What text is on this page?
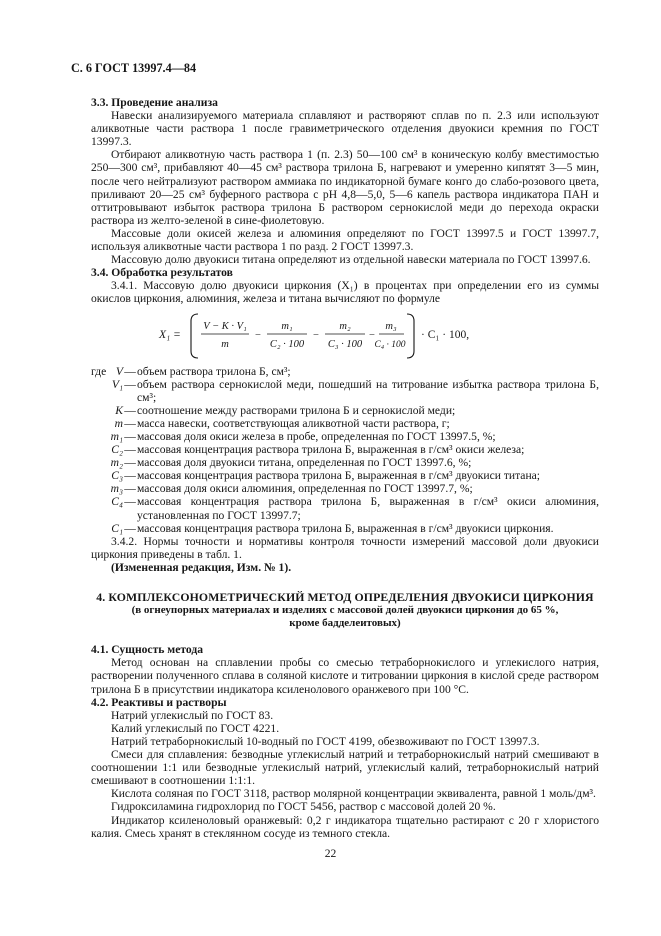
С. 6 ГОСТ 13997.4—84

3.3. Проведение анализа

Навески анализируемого материала сплавляют и растворяют сплав по п. 2.3 или используют аликвотные части раствора 1 после гравиметрического отделения двуокиси кремния по ГОСТ 13997.3.

Отбирают аликвотную часть раствора 1 (п. 2.3) 50—100 см³ в коническую колбу вместимостью 250—300 см³, прибавляют 40—45 см³ раствора трилона Б, нагревают и умеренно кипятят 3—5 мин, после чего нейтрализуют раствором аммиака по индикаторной бумаге конго до слабо-розового цвета, приливают 20—25 см³ буферного раствора с рН 4,8—5,0, 5—6 капель раствора индикатора ПАН и оттитровывают избыток раствора трилона Б раствором сернокислой меди до перехода окраски раствора из желто-зеленой в сине-фиолетовую.

Массовые доли окисей железа и алюминия определяют по ГОСТ 13997.5 и ГОСТ 13997.7, используя аликвотные части раствора 1 по разд. 2 ГОСТ 13997.3.

Массовую долю двуокиси титана определяют из отдельной навески материала по ГОСТ 13997.6.

3.4. Обработка результатов

3.4.1. Массовую долю двуокиси циркония (X₁) в процентах при определении его из суммы окислов циркония, алюминия, железа и титана вычисляют по формуле

X₁ =
V − K · V₁
m
−
m₁
C₂ · 100
−
m₂
C₃ · 100
−
m₃
C₄ · 100
· C₁ · 100,
где V — объем раствора трилона Б, см³;
V₁ — объем раствора сернокислой меди, пошедший на титрование избытка раствора трилона Б, см³;
K — соотношение между растворами трилона Б и сернокислой меди;
m — масса навески, соответствующая аликвотной части раствора, г;
m₁ — массовая доля окиси железа в пробе, определенная по ГОСТ 13997.5, %;
C₂ — массовая концентрация раствора трилона Б, выраженная в г/см³ окиси железа;
m₂ — массовая доля двуокиси титана, определенная по ГОСТ 13997.6, %;
C₃ — массовая концентрация раствора трилона Б, выраженная в г/см³ двуокиси титана;
m₃ — массовая доля окиси алюминия, определенная по ГОСТ 13997.7, %;
C₄ — массовая концентрация раствора трилона Б, выраженная в г/см³ окиси алюминия, установленная по ГОСТ 13997.7;
C₁ — массовая концентрация раствора трилона Б, выраженная в г/см³ двуокиси циркония.

3.4.2. Нормы точности и нормативы контроля точности измерений массовой доли двуокиси циркония приведены в табл. 1.

(Измененная редакция, Изм. № 1).

4. КОМПЛЕКСОНОМЕТРИЧЕСКИЙ МЕТОД ОПРЕДЕЛЕНИЯ ДВУОКИСИ ЦИРКОНИЯ
(в огнеупорных материалах и изделиях с массовой долей двуокиси циркония до 65 %,
кроме бадделеитовых)

4.1. Сущность метода

Метод основан на сплавлении пробы со смесью тетраборнокислого и углекислого натрия, растворении полученного сплава в соляной кислоте и титровании циркония в кислой среде раствором трилона Б в присутствии индикатора ксиленолового оранжевого при 100 °С.

4.2. Реактивы и растворы

Натрий углекислый по ГОСТ 83.

Калий углекислый по ГОСТ 4221.

Натрий тетраборнокислый 10-водный по ГОСТ 4199, обезвоживают по ГОСТ 13997.3.

Смеси для сплавления: безводные углекислый натрий и тетраборнокислый натрий смешивают в соотношении 1:1 или безводные углекислый натрий, углекислый калий, тетраборнокислый натрий смешивают в соотношении 1:1:1.

Кислота соляная по ГОСТ 3118, раствор молярной концентрации эквивалента, равной 1 моль/дм³.

Гидроксиламина гидрохлорид по ГОСТ 5456, раствор с массовой долей 20 %.

Индикатор ксиленоловый оранжевый: 0,2 г индикатора тщательно растирают с 20 г хлористого калия. Смесь хранят в стеклянном сосуде из темного стекла.

22
